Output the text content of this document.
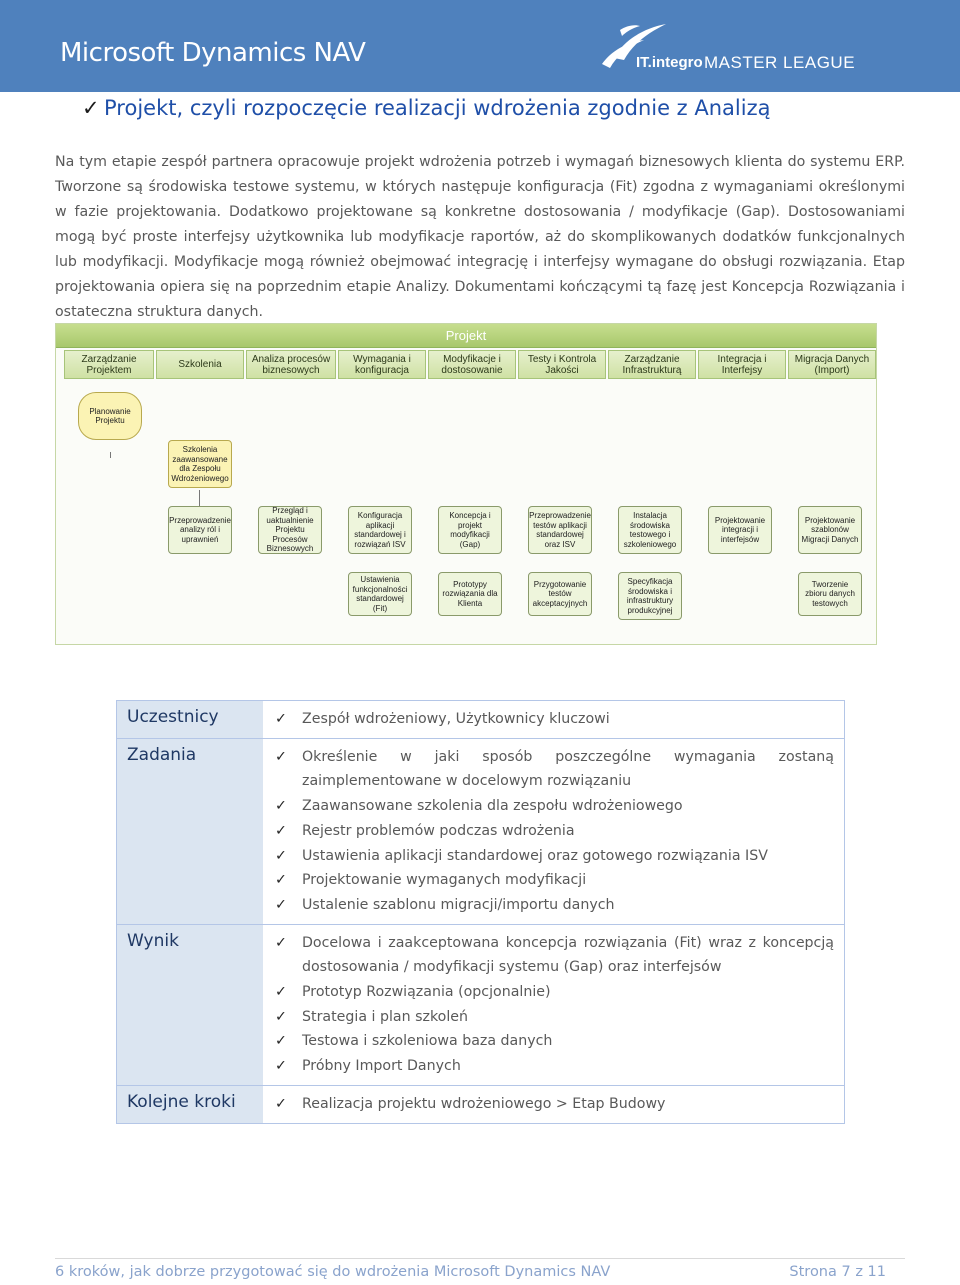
Microsoft Dynamics NAV	IT.integro MASTER LEAGUE
✓ Projekt, czyli rozpoczęcie realizacji wdrożenia zgodnie z Analizą

Na tym etapie zespół partnera opracowuje projekt wdrożenia potrzeb i wymagań biznesowych klienta do systemu ERP. Tworzone są środowiska testowe systemu, w których następuje konfiguracja (Fit) zgodna z wymaganiami określonymi w fazie projektowania. Dodatkowo projektowane są konkretne dostosowania / modyfikacje (Gap). Dostosowaniami mogą być proste interfejsy użytkownika lub modyfikacje raportów, aż do skomplikowanych dodatków funkcjonalnych lub modyfikacji. Modyfikacje mogą również obejmować integrację i interfejsy wymagane do obsługi rozwiązania. Etap projektowania opiera się na poprzednim etapie Analizy. Dokumentami kończącymi tą fazę jest Koncepcja Rozwiązania i ostateczna struktura danych.

Projekt
Zarządzanie Projektem	Szkolenia	Analiza procesów biznesowych
Wymagania i konfiguracja
Modyfikacje i dostosowanie
Testy i Kontrola Jakości
Zarządzanie Infrastrukturą
Integracja i Interfejsy
Migracja Danych (Import)
Planowanie Projektu
Szkolenia zaawansowane dla Zespołu Wdrożeniowego
Przeprowadzenie analizy ról i uprawnień
Przegląd i uaktualnienie Projektu Procesów Biznesowych
Konfiguracja aplikacji standardowej i rozwiązań ISV
Koncepcja i projekt modyfikacji (Gap)
Przeprowadzenie testów aplikacji standardowej oraz ISV
Instalacja środowiska testowego i szkoleniowego
Projektowanie integracji i interfejsów
Projektowanie szablonów Migracji Danych
Ustawienia funkcjonalności standardowej (Fit)
Prototypy rozwiązania dla Klienta
Przygotowanie testów akceptacyjnych
Specyfikacja środowiska i infrastruktury produkcyjnej
Tworzenie zbioru danych testowych
Uczestnicy	✓	Zespół wdrożeniowy, Użytkownicy kluczowi
Zadania	✓	Określenie w jaki sposób poszczególne wymagania zostaną zaimplementowane w docelowym rozwiązaniu
✓	Zaawansowane szkolenia dla zespołu wdrożeniowego
✓	Rejestr problemów podczas wdrożenia
✓	Ustawienia aplikacji standardowej oraz gotowego rozwiązania ISV
✓	Projektowanie wymaganych modyfikacji
✓	Ustalenie szablonu migracji/importu danych
Wynik	✓	Docelowa i zaakceptowana koncepcja rozwiązania (Fit) wraz z koncepcją dostosowania / modyfikacji systemu (Gap) oraz interfejsów
✓	Prototyp Rozwiązania (opcjonalnie)
✓	Strategia i plan szkoleń
✓	Testowa i szkoleniowa baza danych
✓	Próbny Import Danych
Kolejne kroki	✓	Realizacja projektu wdrożeniowego > Etap Budowy
6 kroków, jak dobrze przygotować się do wdrożenia Microsoft Dynamics NAV	Strona 7 z 11
